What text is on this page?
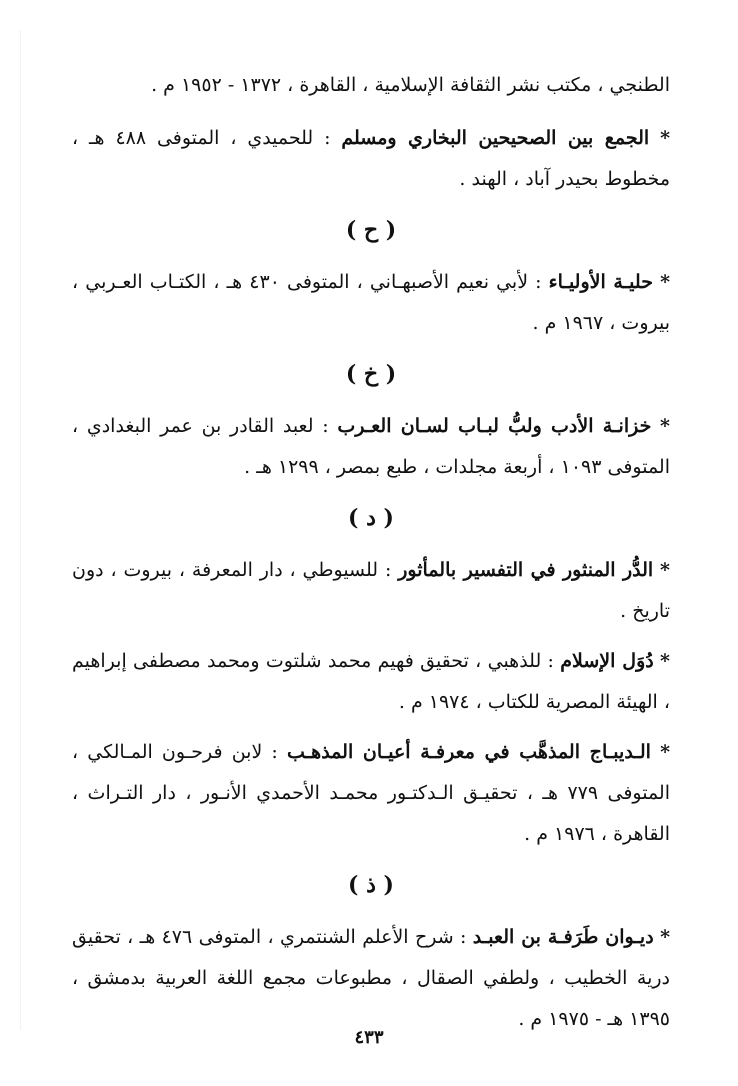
الطنجي ، مكتب نشر الثقافة الإسلامية ، القاهرة ، ١٣٧٢ - ١٩٥٢ م .
* الجمع بين الصحيحين البخاري ومسلم : للحميدي ، المتوفى ٤٨٨ هـ ، مخطوط بحيدر آباد ، الهند .
( ح )
* حليـة الأوليـاء : لأبي نعيم الأصبهـاني ، المتوفى ٤٣٠ هـ ، الكتـاب العـربي ، بيروت ، ١٩٦٧ م .
( خ )
* خزانـة الأدب ولبُّ لبـاب لسـان العـرب : لعبد القادر بن عمر البغدادي ، المتوفى ١٠٩٣ ، أربعة مجلدات ، طبع بمصر ، ١٢٩٩ هـ .
( د )
* الدُّر المنثور في التفسير بالمأثور : للسيوطي ، دار المعرفة ، بيروت ، دون تاريخ .
* دُوَل الإسلام : للذهبي ، تحقيق فهيم محمد شلتوت ومحمد مصطفى إبراهيم ، الهيئة المصرية للكتاب ، ١٩٧٤ م .
* الـديبـاج المذهَّب في معرفـة أعيـان المذهـب : لابن فرحـون المـالكي ، المتوفى ٧٧٩ هـ ، تحقيـق الـدكتـور محمـد الأحمدي الأنـور ، دار التـراث ، القاهرة ، ١٩٧٦ م .
( ذ )
* ديـوان طَرَفـة بن العبـد : شرح الأعلم الشنتمري ، المتوفى ٤٧٦ هـ ، تحقيق درية الخطيب ، ولطفي الصقال ، مطبوعات مجمع اللغة العربية بدمشق ، ١٣٩٥ هـ - ١٩٧٥ م .
٤٣٣
